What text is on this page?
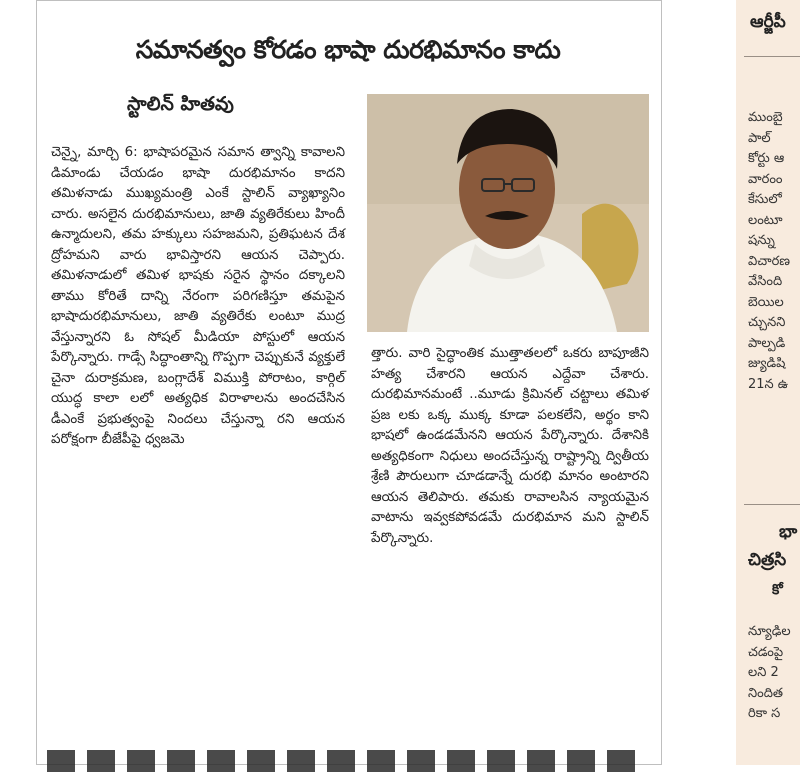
సమానత్వం కోరడం భాషా దురభిమానం కాదు
స్టాలిన్ హితవు

చెన్నై, మార్చి 6: భాషాపరమైన సమాన త్వాన్ని కావాలని డిమాండు చేయడం భాషా దురభిమానం కాదని తమిళనాడు ముఖ్యమంత్రి ఎంకే స్టాలిన్ వ్యాఖ్యానిం చారు. అసలైన దురభిమానులు, జాతి వ్యతిరేకులు హిందీ ఉన్మాదులని, తమ హక్కులు సహజమని, ప్రతిఘటన దేశ ద్రోహమని వారు భావిస్తారని ఆయన చెప్పారు. తమిళనాడులో తమిళ భాషకు సరైన స్థానం దక్కాలని తాము కోరితే దాన్ని నేరంగా పరిగణిస్తూ తమపైన భాషాదురభిమానులు, జాతి వ్యతిరేకు లంటూ ముద్ర వేస్తున్నారని ఓ సోషల్ మీడియా పోస్టులో ఆయన పేర్కొన్నారు. గాడ్సే సిద్ధాంతాన్ని గొప్పగా చెప్పుకునే వ్యక్తులే చైనా దురాక్రమణ, బంగ్లాదేశ్ విముక్తి పోరాటం, కార్గిల్ యుద్ధ కాలా లలో అత్యధిక విరాళాలను అందచేసిన డీఎంకే ప్రభుత్వంపై నిందలు చేస్తున్నా రని ఆయన పరోక్షంగా బీజేపీపై ధ్వజమె

త్తారు. వారి సైద్ధాంతిక ముత్తాతలలో ఒకరు బాపూజీని హత్య చేశారని ఆయన ఎద్దేవా చేశారు. దురభిమానమంటే ..మూడు క్రిమినల్ చట్టాలు తమిళ ప్రజ లకు ఒక్క ముక్క కూడా పలకలేని, అర్థం కాని భాషలో ఉండడమేనని ఆయన పేర్కొన్నారు. దేశానికి అత్యధికంగా నిధులు అందచేస్తున్న రాష్ట్రాన్ని ద్వితీయ శ్రేణి పౌరులుగా చూడడాన్నే దురభి మానం అంటారని ఆయన తెలిపారు. తమకు రావాలసిన న్యాయమైన వాటాను ఇవ్వకపోవడమే దురభిమాన మని స్టాలిన్ పేర్కొన్నారు.

ఆర్జీపీ
ముంబై
పాల్
కోర్టు ఆ
వారంం
కేసులో
లంటూ
షన్ను
విచారణ
వేసింది
బెయిల
చ్చునని
పాల్పడి
జ్యుడిషి
21న ఉ
భా
చిత్రసి
కో
న్యూఢిల
చడంపై
లని 2
నిందిత
రికా స
